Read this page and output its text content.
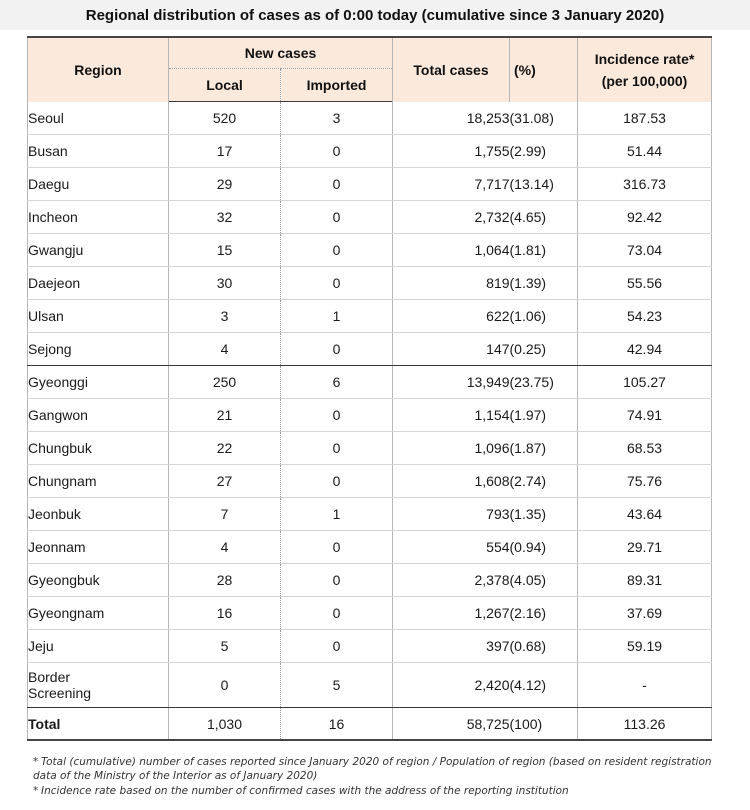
Regional distribution of cases as of 0:00 today (cumulative since 3 January 2020)
Region	New cases		Total cases	(%)	Incidence rate*
(per 100,000)
	Local	Imported			
Seoul	520	3	18,253	(31.08)	187.53
Busan	17	0	1,755	(2.99)	51.44
Daegu	29	0	7,717	(13.14)	316.73
Incheon	32	0	2,732	(4.65)	92.42
Gwangju	15	0	1,064	(1.81)	73.04
Daejeon	30	0	819	(1.39)	55.56
Ulsan	3	1	622	(1.06)	54.23
Sejong	4	0	147	(0.25)	42.94
Gyeonggi	250	6	13,949	(23.75)	105.27
Gangwon	21	0	1,154	(1.97)	74.91
Chungbuk	22	0	1,096	(1.87)	68.53
Chungnam	27	0	1,608	(2.74)	75.76
Jeonbuk	7	1	793	(1.35)	43.64
Jeonnam	4	0	554	(0.94)	29.71
Gyeongbuk	28	0	2,378	(4.05)	89.31
Gyeongnam	16	0	1,267	(2.16)	37.69
Jeju	5	0	397	(0.68)	59.19
Border
Screening	0	5	2,420	(4.12)	-
Total	1,030	16	58,725	(100)	113.26
* Total (cumulative) number of cases reported since January 2020 of region / Population of region (based on resident registration data of the Ministry of the Interior as of January 2020)
* Incidence rate based on the number of confirmed cases with the address of the reporting institution
